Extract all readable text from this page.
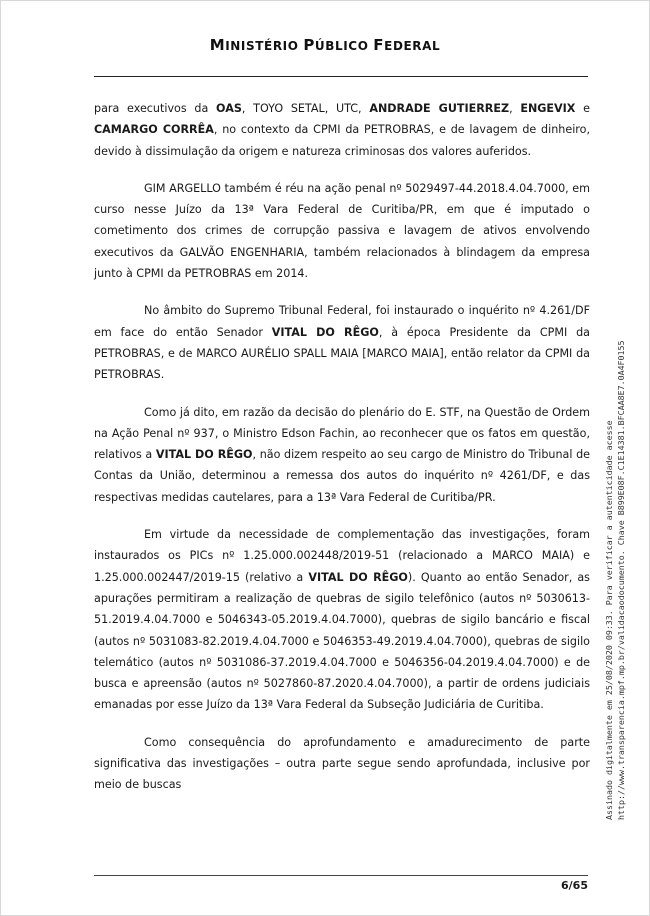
MINISTÉRIO PÚBLICO FEDERAL

para executivos da OAS, TOYO SETAL, UTC, ANDRADE GUTIERREZ, ENGEVIX e CAMARGO CORRÊA, no contexto da CPMI da PETROBRAS, e de lavagem de dinheiro, devido à dissimulação da origem e natureza criminosas dos valores auferidos.

GIM ARGELLO também é réu na ação penal nº 5029497-44.2018.4.04.7000, em curso nesse Juízo da 13ª Vara Federal de Curitiba/PR, em que é imputado o cometimento dos crimes de corrupção passiva e lavagem de ativos envolvendo executivos da GALVÃO ENGENHARIA, também relacionados à blindagem da empresa junto à CPMI da PETROBRAS em 2014.

No âmbito do Supremo Tribunal Federal, foi instaurado o inquérito nº 4.261/DF em face do então Senador VITAL DO RÊGO, à época Presidente da CPMI da PETROBRAS, e de MARCO AURÉLIO SPALL MAIA [MARCO MAIA], então relator da CPMI da PETROBRAS.

Como já dito, em razão da decisão do plenário do E. STF, na Questão de Ordem na Ação Penal nº 937, o Ministro Edson Fachin, ao reconhecer que os fatos em questão, relativos a VITAL DO RÊGO, não dizem respeito ao seu cargo de Ministro do Tribunal de Contas da União, determinou a remessa dos autos do inquérito nº 4261/DF, e das respectivas medidas cautelares, para a 13ª Vara Federal de Curitiba/PR.

Em virtude da necessidade de complementação das investigações, foram instaurados os PICs nº 1.25.000.002448/2019-51 (relacionado a MARCO MAIA) e 1.25.000.002447/2019-15 (relativo a VITAL DO RÊGO). Quanto ao então Senador, as apurações permitiram a realização de quebras de sigilo telefônico (autos nº 5030613-51.2019.4.04.7000 e 5046343-05.2019.4.04.7000), quebras de sigilo bancário e fiscal (autos nº 5031083-82.2019.4.04.7000 e 5046353-49.2019.4.04.7000), quebras de sigilo telemático (autos nº 5031086-37.2019.4.04.7000 e 5046356-04.2019.4.04.7000) e de busca e apreensão (autos nº 5027860-87.2020.4.04.7000), a partir de ordens judiciais emanadas por esse Juízo da 13ª Vara Federal da Subseção Judiciária de Curitiba.

Como consequência do aprofundamento e amadurecimento de parte significativa das investigações – outra parte segue sendo aprofundada, inclusive por meio de buscas	Assinado digitalmente em 25/08/2020 09:33. Para verificar a autenticidade acesse http://www.transparencia.mpf.mp.br/validacaodocumento. Chave B899E08F.C1E14381.BFCAA8E7.0A4F0155
6/65
